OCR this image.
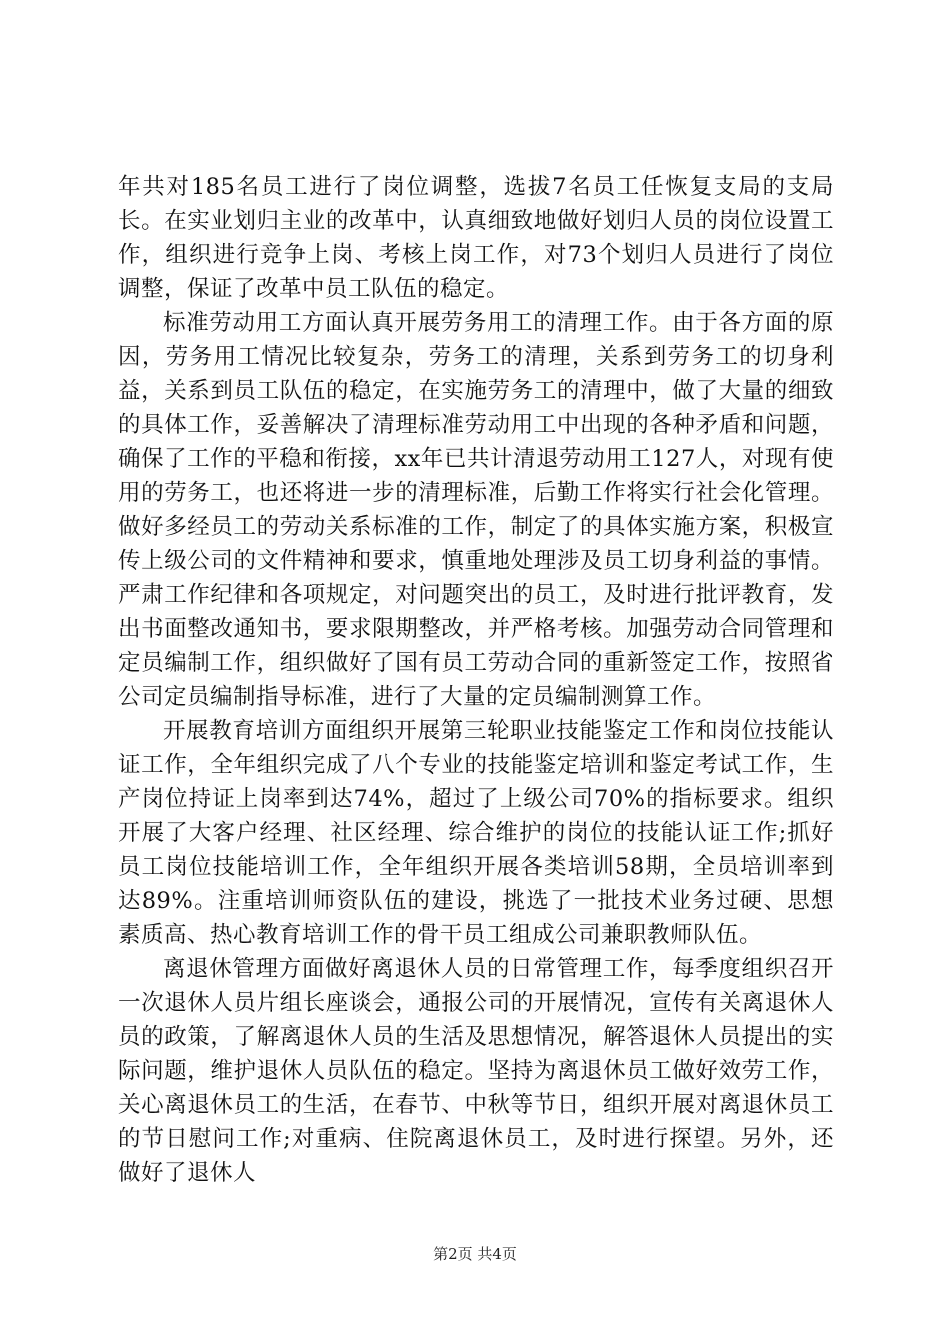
年共对185名员工进行了岗位调整，选拔7名员工任恢复支局的支局长。在实业划归主业的改革中，认真细致地做好划归人员的岗位设置工作，组织进行竞争上岗、考核上岗工作，对73个划归人员进行了岗位调整，保证了改革中员工队伍的稳定。

标准劳动用工方面认真开展劳务用工的清理工作。由于各方面的原因，劳务用工情况比较复杂，劳务工的清理，关系到劳务工的切身利益，关系到员工队伍的稳定，在实施劳务工的清理中，做了大量的细致的具体工作，妥善解决了清理标准劳动用工中出现的各种矛盾和问题，确保了工作的平稳和衔接，xx年已共计清退劳动用工127人，对现有使用的劳务工，也还将进一步的清理标准，后勤工作将实行社会化管理。做好多经员工的劳动关系标准的工作，制定了的具体实施方案，积极宣传上级公司的文件精神和要求，慎重地处理涉及员工切身利益的事情。严肃工作纪律和各项规定，对问题突出的员工，及时进行批评教育，发出书面整改通知书，要求限期整改，并严格考核。加强劳动合同管理和定员编制工作，组织做好了国有员工劳动合同的重新签定工作，按照省公司定员编制指导标准，进行了大量的定员编制测算工作。

开展教育培训方面组织开展第三轮职业技能鉴定工作和岗位技能认证工作，全年组织完成了八个专业的技能鉴定培训和鉴定考试工作，生产岗位持证上岗率到达74%，超过了上级公司70%的指标要求。组织开展了大客户经理、社区经理、综合维护的岗位的技能认证工作;抓好员工岗位技能培训工作，全年组织开展各类培训58期，全员培训率到达89%。注重培训师资队伍的建设，挑选了一批技术业务过硬、思想素质高、热心教育培训工作的骨干员工组成公司兼职教师队伍。

离退休管理方面做好离退休人员的日常管理工作，每季度组织召开一次退休人员片组长座谈会，通报公司的开展情况，宣传有关离退休人员的政策，了解离退休人员的生活及思想情况，解答退休人员提出的实际问题，维护退休人员队伍的稳定。坚持为离退休员工做好效劳工作，关心离退休员工的生活，在春节、中秋等节日，组织开展对离退休员工的节日慰问工作;对重病、住院离退休员工，及时进行探望。另外，还做好了退休人

第2页 共4页
